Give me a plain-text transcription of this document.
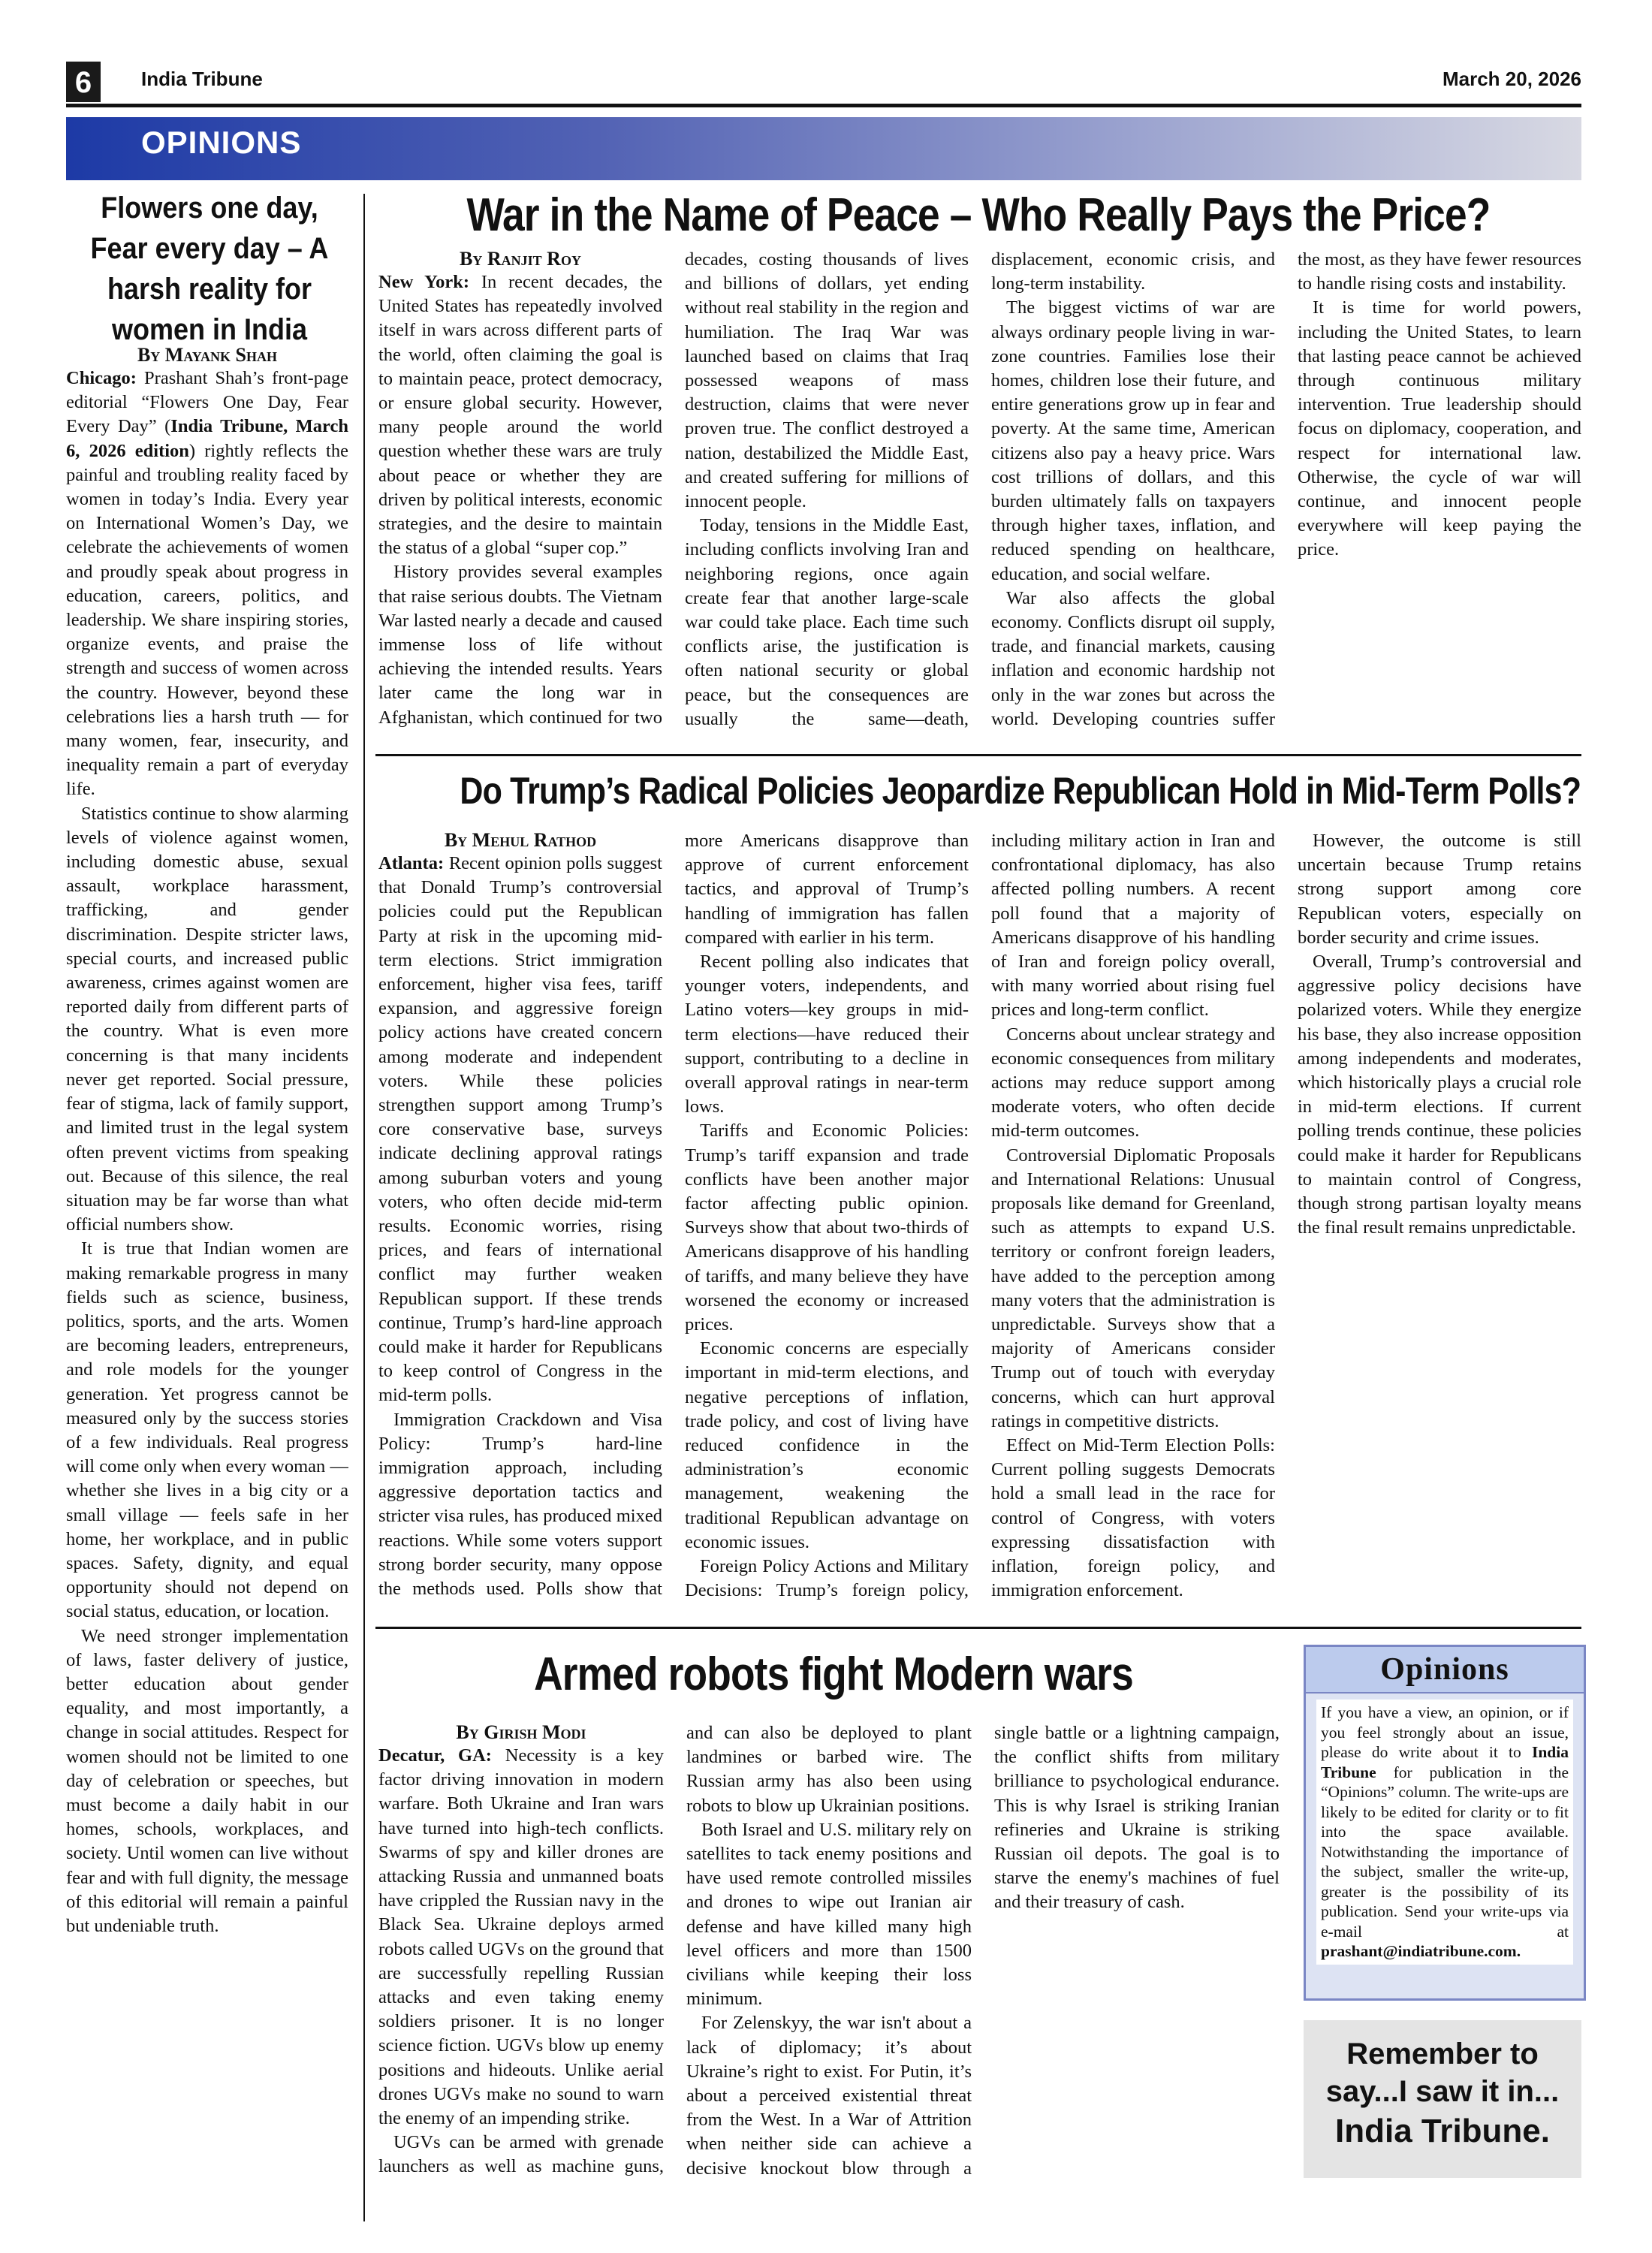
6	India Tribune	March 20, 2026
OPINIONS
Flowers one day, Fear every day – A harsh reality for women in India
By Mayank Shah

Chicago: Prashant Shah’s front-page editorial “Flowers One Day, Fear Every Day” (India Tribune, March 6, 2026 edition) rightly reflects the painful and troubling reality faced by women in today’s India. Every year on International Women’s Day, we celebrate the achievements of women and proudly speak about progress in education, careers, politics, and leadership. We share inspiring stories, organize events, and praise the strength and success of women across the country. However, beyond these celebrations lies a harsh truth — for many women, fear, insecurity, and inequality remain a part of everyday life.

Statistics continue to show alarming levels of violence against women, including domestic abuse, sexual assault, workplace harassment, trafficking, and gender discrimination. Despite stricter laws, special courts, and increased public awareness, crimes against women are reported daily from different parts of the country. What is even more concerning is that many incidents never get reported. Social pressure, fear of stigma, lack of family support, and limited trust in the legal system often prevent victims from speaking out. Because of this silence, the real situation may be far worse than what official numbers show.

It is true that Indian women are making remarkable progress in many fields such as science, business, politics, sports, and the arts. Women are becoming leaders, entrepreneurs, and role models for the younger generation. Yet progress cannot be measured only by the success stories of a few individuals. Real progress will come only when every woman — whether she lives in a big city or a small village — feels safe in her home, her workplace, and in public spaces. Safety, dignity, and equal opportunity should not depend on social status, education, or location.

We need stronger implementation of laws, faster delivery of justice, better education about gender equality, and most importantly, a change in social attitudes. Respect for women should not be limited to one day of celebration or speeches, but must become a daily habit in our homes, schools, workplaces, and society. Until women can live without fear and with full dignity, the message of this editorial will remain a painful but undeniable truth.

War in the Name of Peace – Who Really Pays the Price?
By Ranjit Roy

New York: In recent decades, the United States has repeatedly involved itself in wars across different parts of the world, often claiming the goal is to maintain peace, protect democracy, or ensure global security. However, many people around the world question whether these wars are truly about peace or whether they are driven by political interests, economic strategies, and the desire to maintain the status of a global “super cop.”

History provides several examples that raise serious doubts. The Vietnam War lasted nearly a decade and caused immense loss of life without achieving the intended results. Years later came the long war in Afghanistan, which continued for two decades, costing thousands of lives and billions of dollars, yet ending without real stability in the region and humiliation. The Iraq War was launched based on claims that Iraq possessed weapons of mass destruction, claims that were never proven true. The conflict destroyed a nation, destabilized the Middle East, and created suffering for millions of innocent people.

Today, tensions in the Middle East, including conflicts involving Iran and neighboring regions, once again create fear that another large-scale war could take place. Each time such conflicts arise, the justification is often national security or global peace, but the consequences are usually the same—death, displacement, economic crisis, and long-term instability.

The biggest victims of war are always ordinary people living in war-zone countries. Families lose their homes, children lose their future, and entire generations grow up in fear and poverty. At the same time, American citizens also pay a heavy price. Wars cost trillions of dollars, and this burden ultimately falls on taxpayers through higher taxes, inflation, and reduced spending on healthcare, education, and social welfare.

War also affects the global economy. Conflicts disrupt oil supply, trade, and financial markets, causing inflation and economic hardship not only in the war zones but across the world. Developing countries suffer the most, as they have fewer resources to handle rising costs and instability.

It is time for world powers, including the United States, to learn that lasting peace cannot be achieved through continuous military intervention. True leadership should focus on diplomacy, cooperation, and respect for international law. Otherwise, the cycle of war will continue, and innocent people everywhere will keep paying the price.

Do Trump’s Radical Policies Jeopardize Republican Hold in Mid-Term Polls?
By Mehul Rathod

Atlanta: Recent opinion polls suggest that Donald Trump’s controversial policies could put the Republican Party at risk in the upcoming mid-term elections. Strict immigration enforcement, higher visa fees, tariff expansion, and aggressive foreign policy actions have created concern among moderate and independent voters. While these policies strengthen support among Trump’s core conservative base, surveys indicate declining approval ratings among suburban voters and young voters, who often decide mid-term results. Economic worries, rising prices, and fears of international conflict may further weaken Republican support. If these trends continue, Trump’s hard-line approach could make it harder for Republicans to keep control of Congress in the mid-term polls.

Immigration Crackdown and Visa Policy: Trump’s hard-line immigration approach, including aggressive deportation tactics and stricter visa rules, has produced mixed reactions. While some voters support strong border security, many oppose the methods used. Polls show that more Americans disapprove than approve of current enforcement tactics, and approval of Trump’s handling of immigration has fallen compared with earlier in his term.

Recent polling also indicates that younger voters, independents, and Latino voters—key groups in mid-term elections—have reduced their support, contributing to a decline in overall approval ratings in near-term lows.

Tariffs and Economic Policies: Trump’s tariff expansion and trade conflicts have been another major factor affecting public opinion. Surveys show that about two-thirds of Americans disapprove of his handling of tariffs, and many believe they have worsened the economy or increased prices.

Economic concerns are especially important in mid-term elections, and negative perceptions of inflation, trade policy, and cost of living have reduced confidence in the administration’s economic management, weakening the traditional Republican advantage on economic issues.

Foreign Policy Actions and Military Decisions: Trump’s foreign policy, including military action in Iran and confrontational diplomacy, has also affected polling numbers. A recent poll found that a majority of Americans disapprove of his handling of Iran and foreign policy overall, with many worried about rising fuel prices and long-term conflict.

Concerns about unclear strategy and economic consequences from military actions may reduce support among moderate voters, who often decide mid-term outcomes.

Controversial Diplomatic Proposals and International Relations: Unusual proposals like demand for Greenland, such as attempts to expand U.S. territory or confront foreign leaders, have added to the perception among many voters that the administration is unpredictable. Surveys show that a majority of Americans consider Trump out of touch with everyday concerns, which can hurt approval ratings in competitive districts.

Effect on Mid-Term Election Polls: Current polling suggests Democrats hold a small lead in the race for control of Congress, with voters expressing dissatisfaction with inflation, foreign policy, and immigration enforcement.

However, the outcome is still uncertain because Trump retains strong support among core Republican voters, especially on border security and crime issues.

Overall, Trump’s controversial and aggressive policy decisions have polarized voters. While they energize his base, they also increase opposition among independents and moderates, which historically plays a crucial role in mid-term elections. If current polling trends continue, these policies could make it harder for Republicans to maintain control of Congress, though strong partisan loyalty means the final result remains unpredictable.

Armed robots fight Modern wars
By Girish Modi

Decatur, GA: Necessity is a key factor driving innovation in modern warfare. Both Ukraine and Iran wars have turned into high-tech conflicts. Swarms of spy and killer drones are attacking Russia and unmanned boats have crippled the Russian navy in the Black Sea. Ukraine deploys armed robots called UGVs on the ground that are successfully repelling Russian attacks and even taking enemy soldiers prisoner. It is no longer science fiction. UGVs blow up enemy positions and hideouts. Unlike aerial drones UGVs make no sound to warn the enemy of an impending strike.

UGVs can be armed with grenade launchers as well as machine guns, and can also be deployed to plant landmines or barbed wire. The Russian army has also been using robots to blow up Ukrainian positions.

Both Israel and U.S. military rely on satellites to tack enemy positions and have used remote controlled missiles and drones to wipe out Iranian air defense and have killed many high level officers and more than 1500 civilians while keeping their loss minimum.

For Zelenskyy, the war isn't about a lack of diplomacy; it’s about Ukraine’s right to exist. For Putin, it’s about a perceived existential threat from the West. In a War of Attrition when neither side can achieve a decisive knockout blow through a single battle or a lightning campaign, the conflict shifts from military brilliance to psychological endurance. This is why Israel is striking Iranian refineries and Ukraine is striking Russian oil depots. The goal is to starve the enemy's machines of fuel and their treasury of cash.

Opinions
If you have a view, an opinion, or if you feel strongly about an issue, please do write about it to India Tribune for publication in the “Opinions” column. The write-ups are likely to be edited for clarity or to fit into the space available. Notwithstanding the importance of the subject, smaller the write-up, greater is the possibility of its publication. Send your write-ups via e-mail at prashant@indiatribune.com.
Remember to say...I saw it in...
India Tribune.
